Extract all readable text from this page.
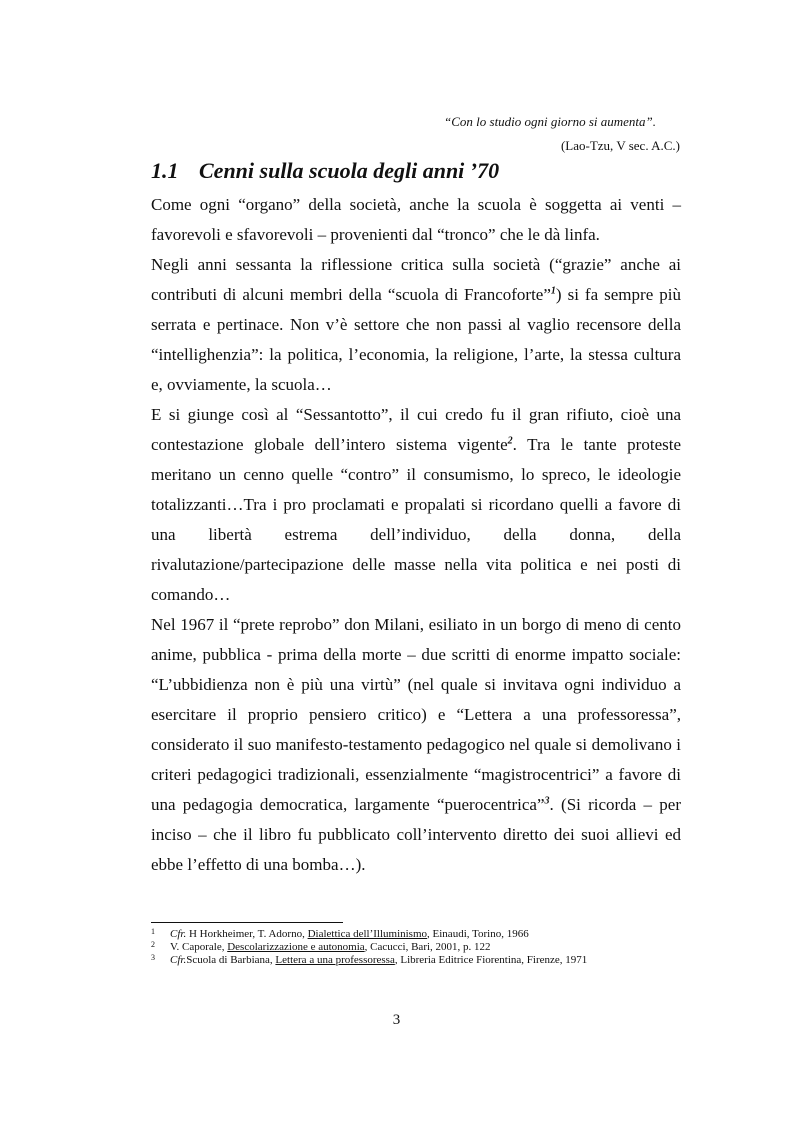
“Con lo studio ogni giorno si aumenta”.
(Lao-Tzu, V sec. A.C.)
1.1 Cenni sulla scuola degli anni ’70

Come ogni “organo” della società, anche la scuola è soggetta ai venti – favorevoli e sfavorevoli – provenienti dal “tronco” che le dà linfa.

Negli anni sessanta la riflessione critica sulla società (“grazie” anche ai contributi di alcuni membri della “scuola di Francoforte”$^1$) si fa sempre più serrata e pertinace. Non v’è settore che non passi al vaglio recensore della “intellighenzia”: la politica, l’economia, la religione, l’arte, la stessa cultura e, ovviamente, la scuola…

E si giunge così al “Sessantotto”, il cui credo fu il gran rifiuto, cioè una contestazione globale dell’intero sistema vigente$^2$. Tra le tante proteste meritano un cenno quelle “contro” il consumismo, lo spreco, le ideologie totalizzanti…Tra i pro proclamati e propalati si ricordano quelli a favore di una libertà estrema dell’individuo, della donna, della rivalutazione/partecipazione delle masse nella vita politica e nei posti di comando…

Nel 1967 il “prete reprobo” don Milani, esiliato in un borgo di meno di cento anime, pubblica - prima della morte – due scritti di enorme impatto sociale: “L’ubbidienza non è più una virtù” (nel quale si invitava ogni individuo a esercitare il proprio pensiero critico) e “Lettera a una professoressa”, considerato il suo manifesto-testamento pedagogico nel quale si demolivano i criteri pedagogici tradizionali, essenzialmente “magistrocentrici” a favore di una pedagogia democratica, largamente “puerocentrica”$^3$. (Si ricorda – per inciso – che il libro fu pubblicato coll’intervento diretto dei suoi allievi ed ebbe l’effetto di una bomba…).

1 Cfr. H Horkheimer, T. Adorno, Dialettica dell’Illuminismo, Einaudi, Torino, 1966
2 V. Caporale, Descolarizzazione e autonomia, Cacucci, Bari, 2001, p. 122
3 Cfr.Scuola di Barbiana, Lettera a una professoressa, Libreria Editrice Fiorentina, Firenze, 1971
3
